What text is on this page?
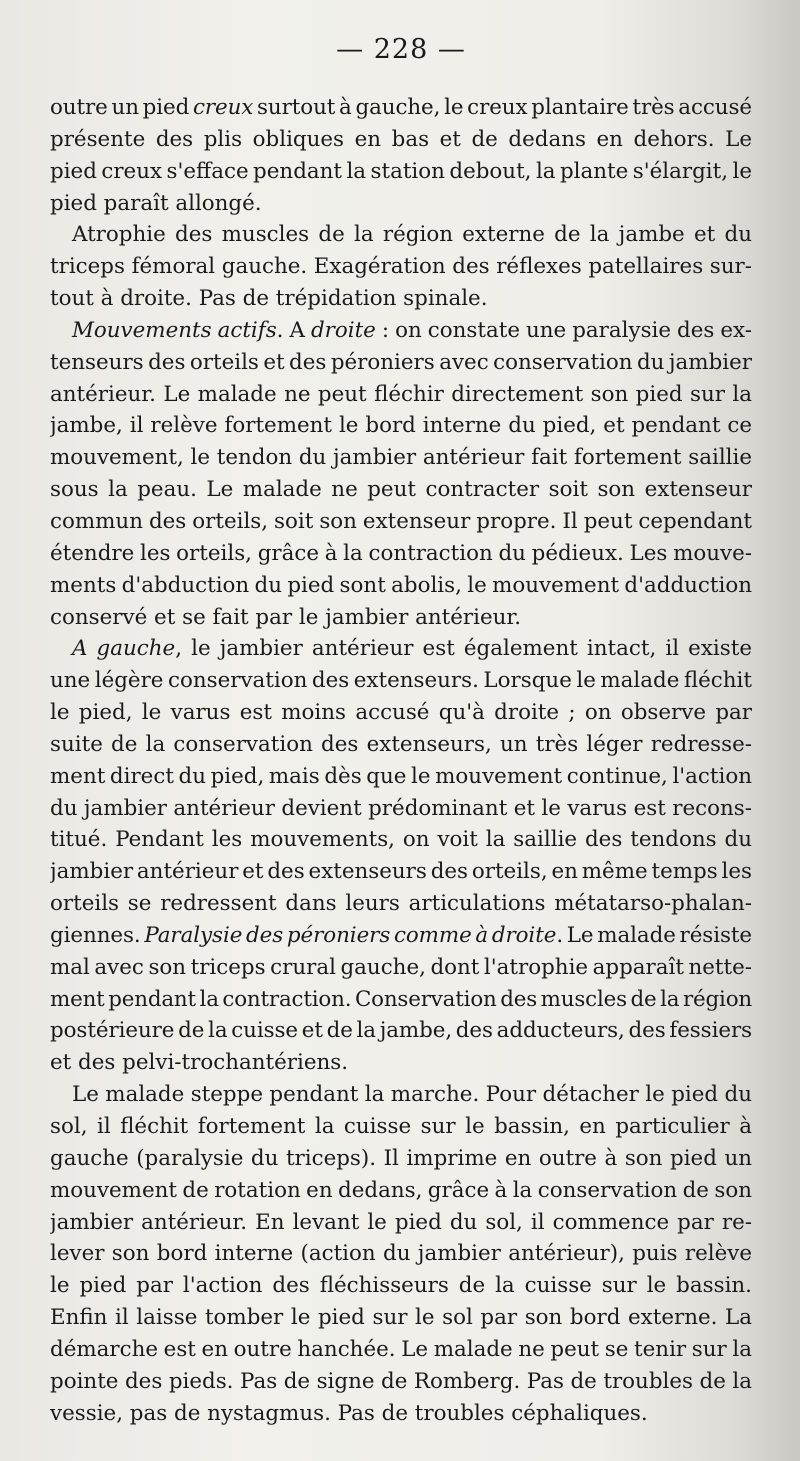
— 228 —
outre un pied creux surtout à gauche, le creux plantaire très accusé
présente des plis obliques en bas et de dedans en dehors. Le
pied creux s'efface pendant la station debout, la plante s'élargit, le
pied paraît allongé.
Atrophie des muscles de la région externe de la jambe et du
triceps fémoral gauche. Exagération des réflexes patellaires sur-
tout à droite. Pas de trépidation spinale.
Mouvements actifs. A droite : on constate une paralysie des ex-
tenseurs des orteils et des péroniers avec conservation du jambier
antérieur. Le malade ne peut fléchir directement son pied sur la
jambe, il relève fortement le bord interne du pied, et pendant ce
mouvement, le tendon du jambier antérieur fait fortement saillie
sous la peau. Le malade ne peut contracter soit son extenseur
commun des orteils, soit son extenseur propre. Il peut cependant
étendre les orteils, grâce à la contraction du pédieux. Les mouve-
ments d'abduction du pied sont abolis, le mouvement d'adduction
conservé et se fait par le jambier antérieur.
A gauche, le jambier antérieur est également intact, il existe
une légère conservation des extenseurs. Lorsque le malade fléchit
le pied, le varus est moins accusé qu'à droite ; on observe par
suite de la conservation des extenseurs, un très léger redresse-
ment direct du pied, mais dès que le mouvement continue, l'action
du jambier antérieur devient prédominant et le varus est recons-
titué. Pendant les mouvements, on voit la saillie des tendons du
jambier antérieur et des extenseurs des orteils, en même temps les
orteils se redressent dans leurs articulations métatarso-phalan-
giennes. Paralysie des péroniers comme à droite. Le malade résiste
mal avec son triceps crural gauche, dont l'atrophie apparaît nette-
ment pendant la contraction. Conservation des muscles de la région
postérieure de la cuisse et de la jambe, des adducteurs, des fessiers
et des pelvi-trochantériens.
Le malade steppe pendant la marche. Pour détacher le pied du
sol, il fléchit fortement la cuisse sur le bassin, en particulier à
gauche (paralysie du triceps). Il imprime en outre à son pied un
mouvement de rotation en dedans, grâce à la conservation de son
jambier antérieur. En levant le pied du sol, il commence par re-
lever son bord interne (action du jambier antérieur), puis relève
le pied par l'action des fléchisseurs de la cuisse sur le bassin.
Enfin il laisse tomber le pied sur le sol par son bord externe. La
démarche est en outre hanchée. Le malade ne peut se tenir sur la
pointe des pieds. Pas de signe de Romberg. Pas de troubles de la
vessie, pas de nystagmus. Pas de troubles céphaliques.
